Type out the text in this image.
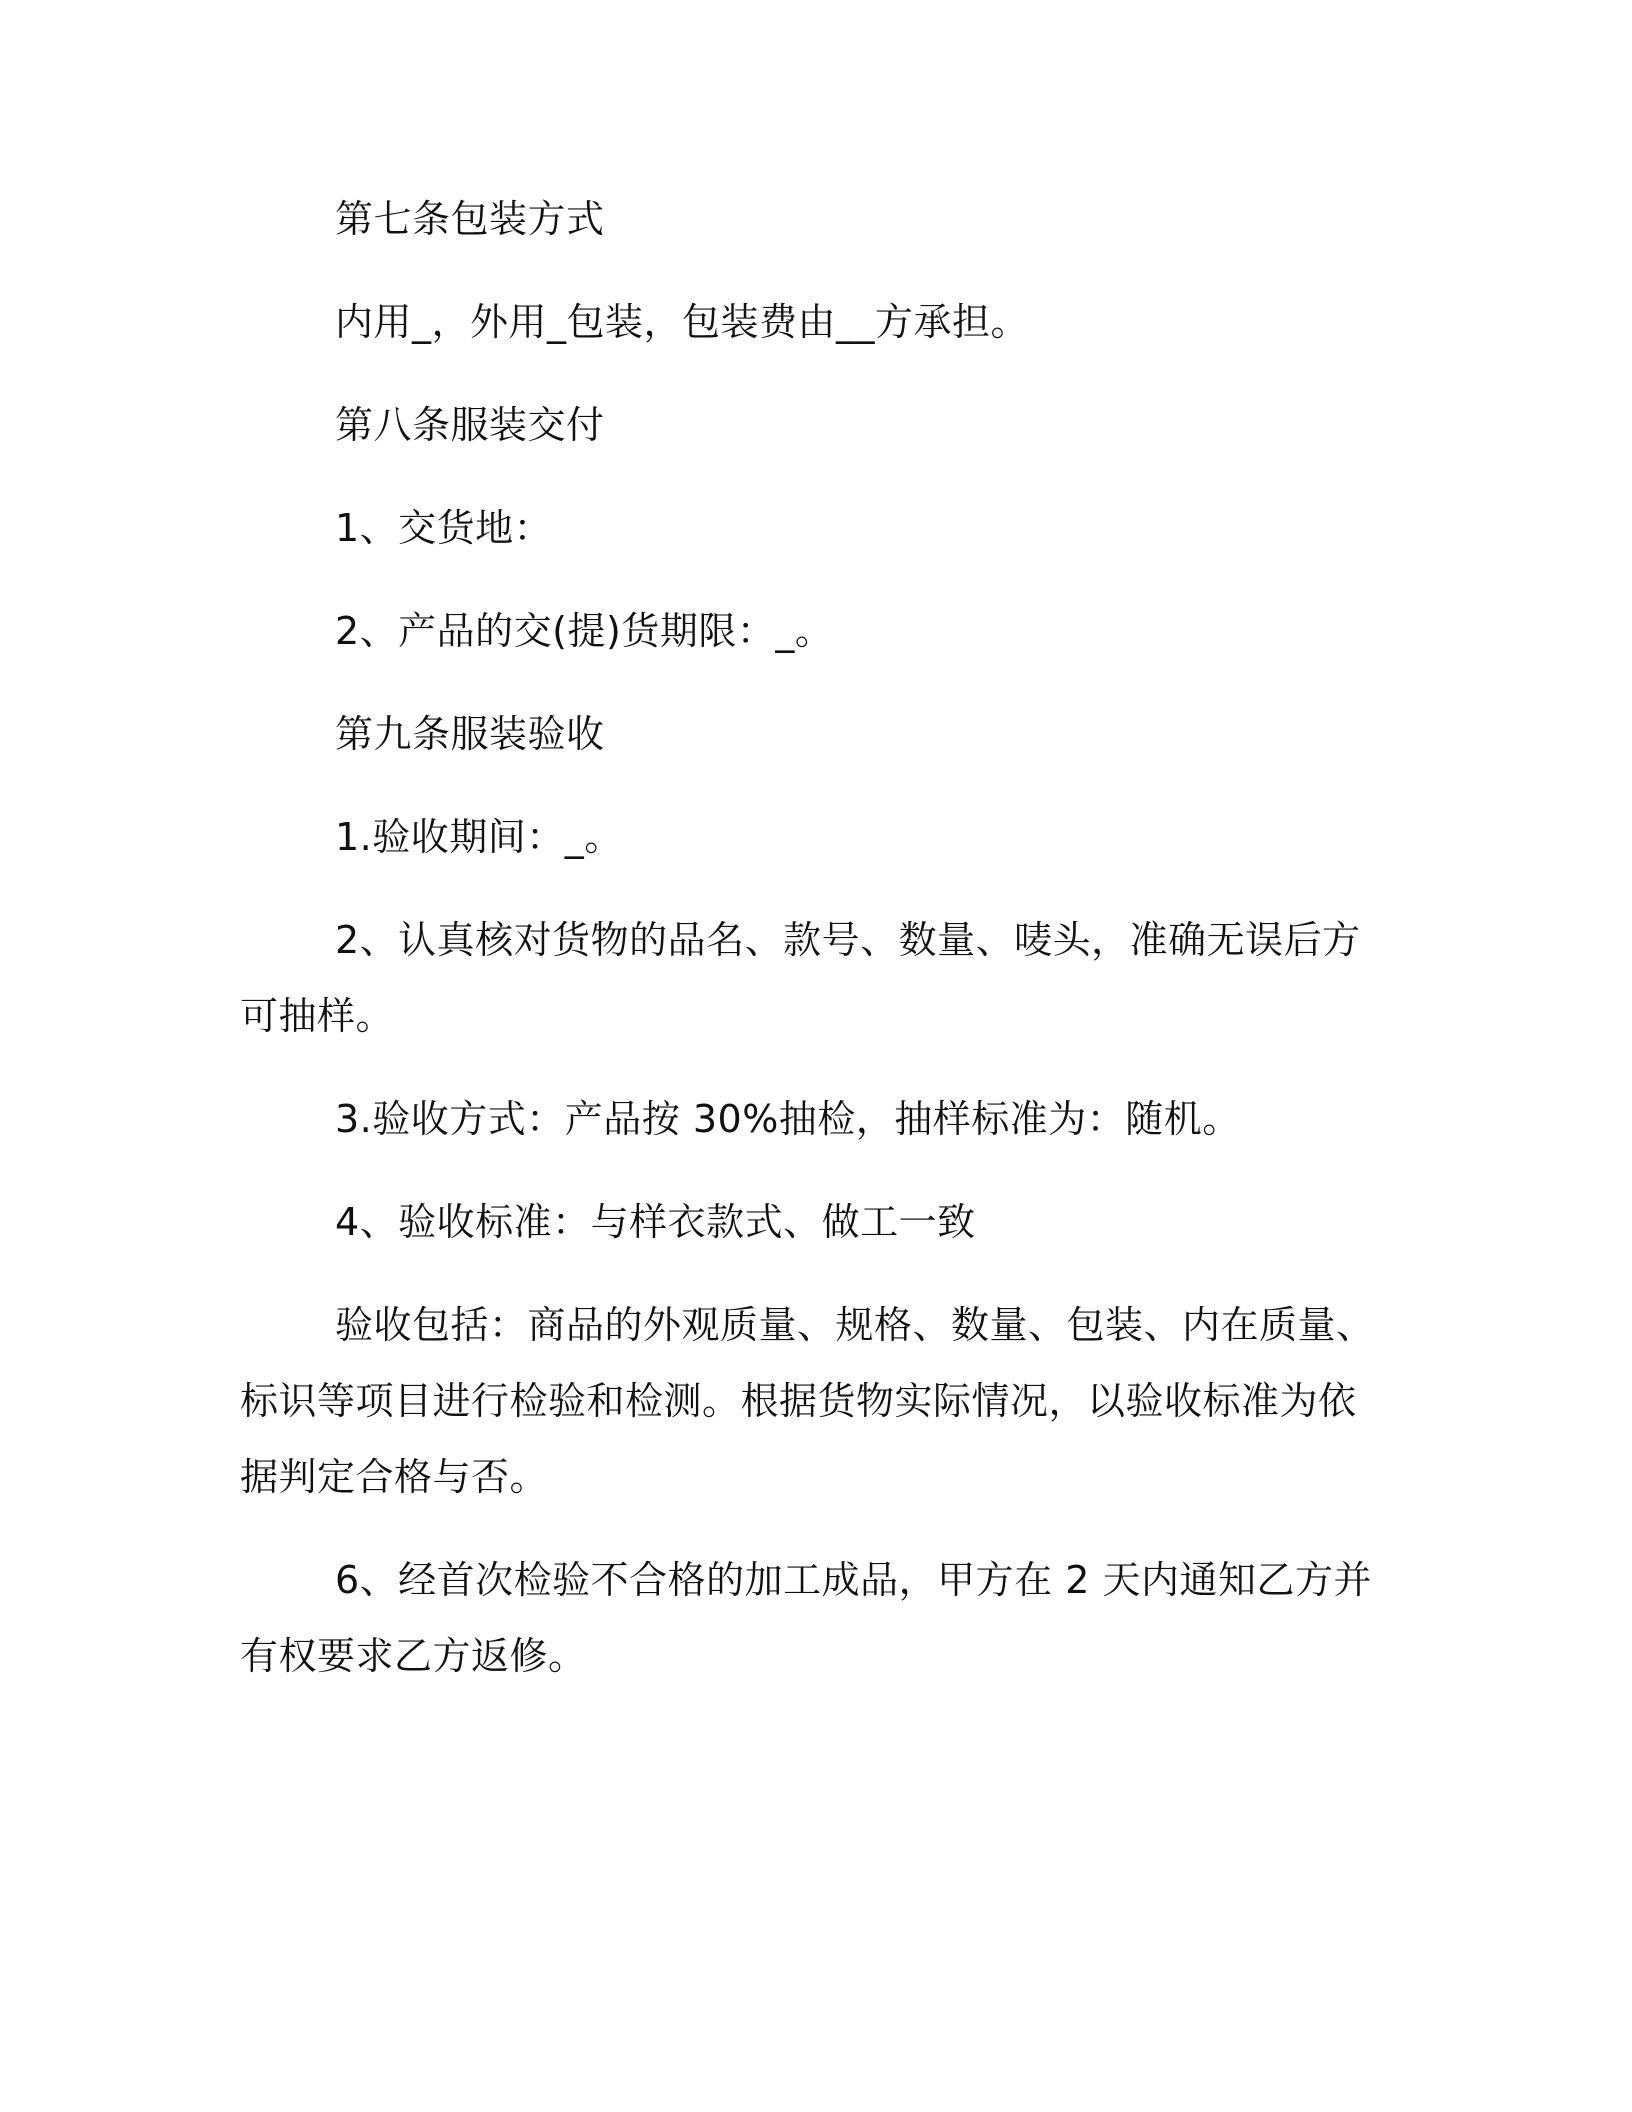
第七条包装方式

内用_，外用_包装，包装费由__方承担。

第八条服装交付

1、交货地：

2、产品的交(提)货期限：_。

第九条服装验收

1.验收期间：_。

2、认真核对货物的品名、款号、数量、唛头，准确无误后方可抽样。

3.验收方式：产品按 30%抽检，抽样标准为：随机。

4、验收标准：与样衣款式、做工一致

验收包括：商品的外观质量、规格、数量、包装、内在质量、标识等项目进行检验和检测。根据货物实际情况，以验收标准为依据判定合格与否。

6、经首次检验不合格的加工成品，甲方在 2 天内通知乙方并有权要求乙方返修。
